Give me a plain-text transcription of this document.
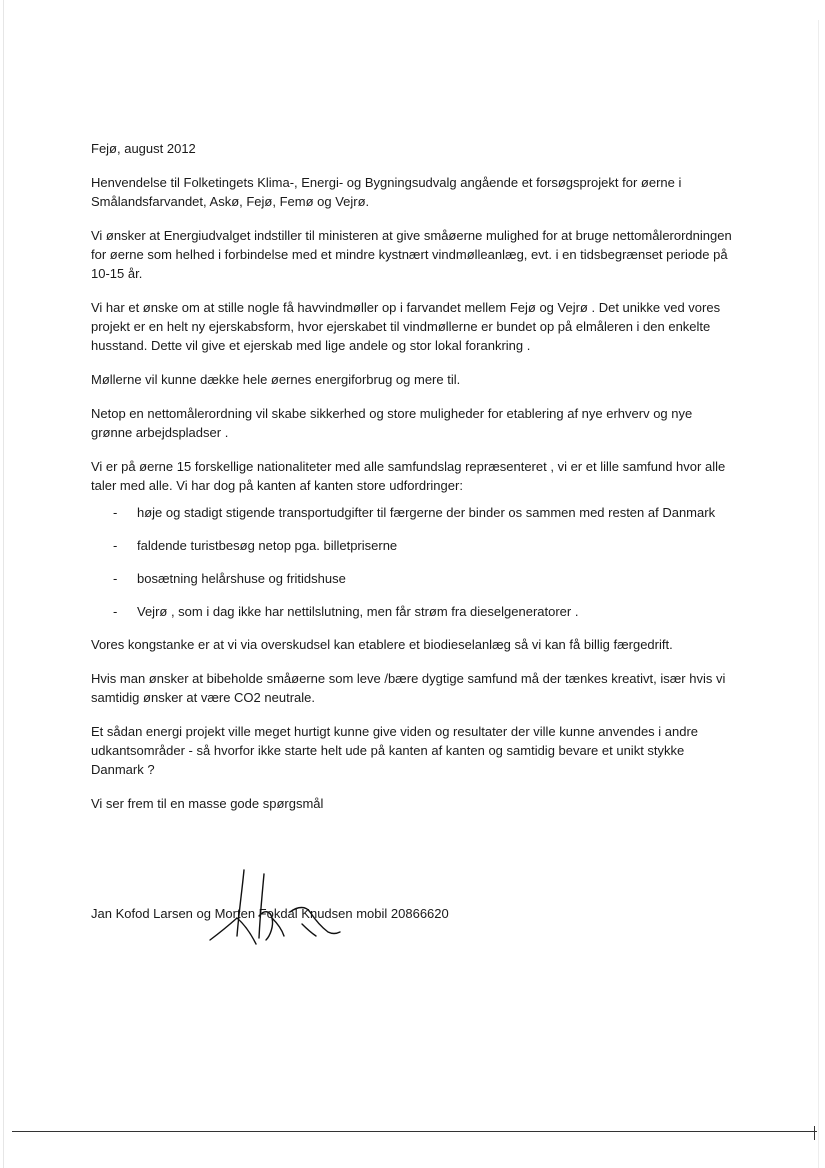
Fejø, august 2012

Henvendelse til Folketingets Klima-, Energi- og Bygningsudvalg angående et forsøgsprojekt for øerne i Smålandsfarvandet, Askø, Fejø, Femø og Vejrø.

Vi ønsker at Energiudvalget indstiller til ministeren at give småøerne mulighed for at bruge nettomålerordningen for øerne som helhed i forbindelse med et mindre kystnært vindmølleanlæg, evt. i en tidsbegrænset periode på 10-15 år.

Vi har et ønske om at stille nogle få havvindmøller op i farvandet mellem Fejø og Vejrø . Det unikke ved vores projekt er en helt ny ejerskabsform, hvor ejerskabet til vindmøllerne er bundet op på elmåleren i den enkelte husstand. Dette vil give et ejerskab med lige andele og stor lokal forankring .

Møllerne vil kunne dække hele øernes energiforbrug og mere til.

Netop en nettomålerordning vil skabe sikkerhed og store muligheder for etablering af nye erhverv og nye grønne arbejdspladser .

Vi er på øerne 15 forskellige nationaliteter med alle samfundslag repræsenteret , vi er et lille samfund hvor alle taler med alle. Vi har dog på kanten af kanten store udfordringer:

- høje og stadigt stigende transportudgifter til færgerne der binder os sammen med resten af Danmark
- faldende turistbesøg netop pga. billetpriserne
- bosætning helårshuse og fritidshuse
- Vejrø , som i dag ikke har nettilslutning, men får strøm fra dieselgeneratorer .

Vores kongstanke er at vi via overskudsel kan etablere et biodieselanlæg så vi kan få billig færgedrift.

Hvis man ønsker at bibeholde småøerne som leve /bære dygtige samfund må der tænkes kreativt, især hvis vi samtidig ønsker at være CO2 neutrale.

Et sådan energi projekt ville meget hurtigt kunne give viden og resultater der ville kunne anvendes i andre udkantsområder - så hvorfor ikke starte helt ude på kanten af kanten og samtidig bevare et unikt stykke Danmark ?

Vi ser frem til en masse gode spørgsmål

Jan Kofod Larsen og Morten Fokdal Knudsen mobil 20866620
